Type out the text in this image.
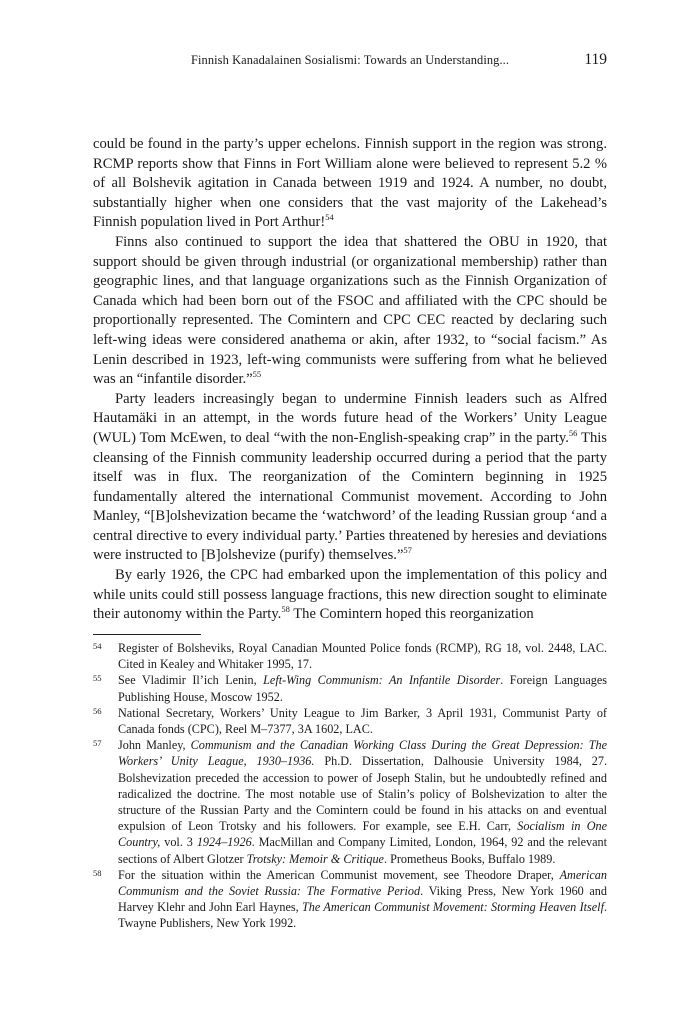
Finnish Kanadalainen Sosialismi: Towards an Understanding...	119

could be found in the party’s upper echelons. Finnish support in the region was strong. RCMP reports show that Finns in Fort William alone were believed to represent 5.2 % of all Bolshevik agitation in Canada between 1919 and 1924. A number, no doubt, substantially higher when one considers that the vast majority of the Lakehead’s Finnish population lived in Port Arthur!$^{54}$

Finns also continued to support the idea that shattered the OBU in 1920, that support should be given through industrial (or organizational membership) rather than geographic lines, and that language organizations such as the Finnish Organization of Canada which had been born out of the FSOC and affiliated with the CPC should be proportionally represented. The Comintern and CPC CEC reacted by declaring such left-wing ideas were considered anathema or akin, after 1932, to “social facism.” As Lenin described in 1923, left-wing communists were suffering from what he believed was an “infantile disorder.”$^{55}$

Party leaders increasingly began to undermine Finnish leaders such as Alfred Hautamäki in an attempt, in the words future head of the Workers’ Unity League (WUL) Tom McEwen, to deal “with the non-English-speaking crap” in the party.$^{56}$ This cleansing of the Finnish community leadership occurred during a period that the party itself was in flux. The reorganization of the Comintern beginning in 1925 fundamentally altered the international Communist movement. According to John Manley, “[B]olshevization became the ‘watchword’ of the leading Russian group ‘and a central directive to every individual party.’ Parties threatened by heresies and deviations were instructed to [B]olshevize (purify) themselves.”$^{57}$

By early 1926, the CPC had embarked upon the implementation of this policy and while units could still possess language fractions, this new direction sought to eliminate their autonomy within the Party.$^{58}$ The Comintern hoped this reorganization

54 Register of Bolsheviks, Royal Canadian Mounted Police fonds (RCMP), RG 18, vol. 2448, LAC. Cited in Kealey and Whitaker 1995, 17.

55 See Vladimir Il’ich Lenin, Left-Wing Communism: An Infantile Disorder. Foreign Languages Publishing House, Moscow 1952.

56 National Secretary, Workers’ Unity League to Jim Barker, 3 April 1931, Communist Party of Canada fonds (CPC), Reel M–7377, 3A 1602, LAC.

57 John Manley, Communism and the Canadian Working Class During the Great Depression: The Workers’ Unity League, 1930–1936. Ph.D. Dissertation, Dalhousie University 1984, 27. Bolshevization preceded the accession to power of Joseph Stalin, but he undoubtedly refined and radicalized the doctrine. The most notable use of Stalin’s policy of Bolshevization to alter the structure of the Russian Party and the Comintern could be found in his attacks on and eventual expulsion of Leon Trotsky and his followers. For example, see E.H. Carr, Socialism in One Country, vol. 3 1924–1926. MacMillan and Company Limited, London, 1964, 92 and the relevant sections of Albert Glotzer Trotsky: Memoir & Critique. Prometheus Books, Buffalo 1989.

58 For the situation within the American Communist movement, see Theodore Draper, American Communism and the Soviet Russia: The Formative Period. Viking Press, New York 1960 and Harvey Klehr and John Earl Haynes, The American Communist Movement: Storming Heaven Itself. Twayne Publishers, New York 1992.
